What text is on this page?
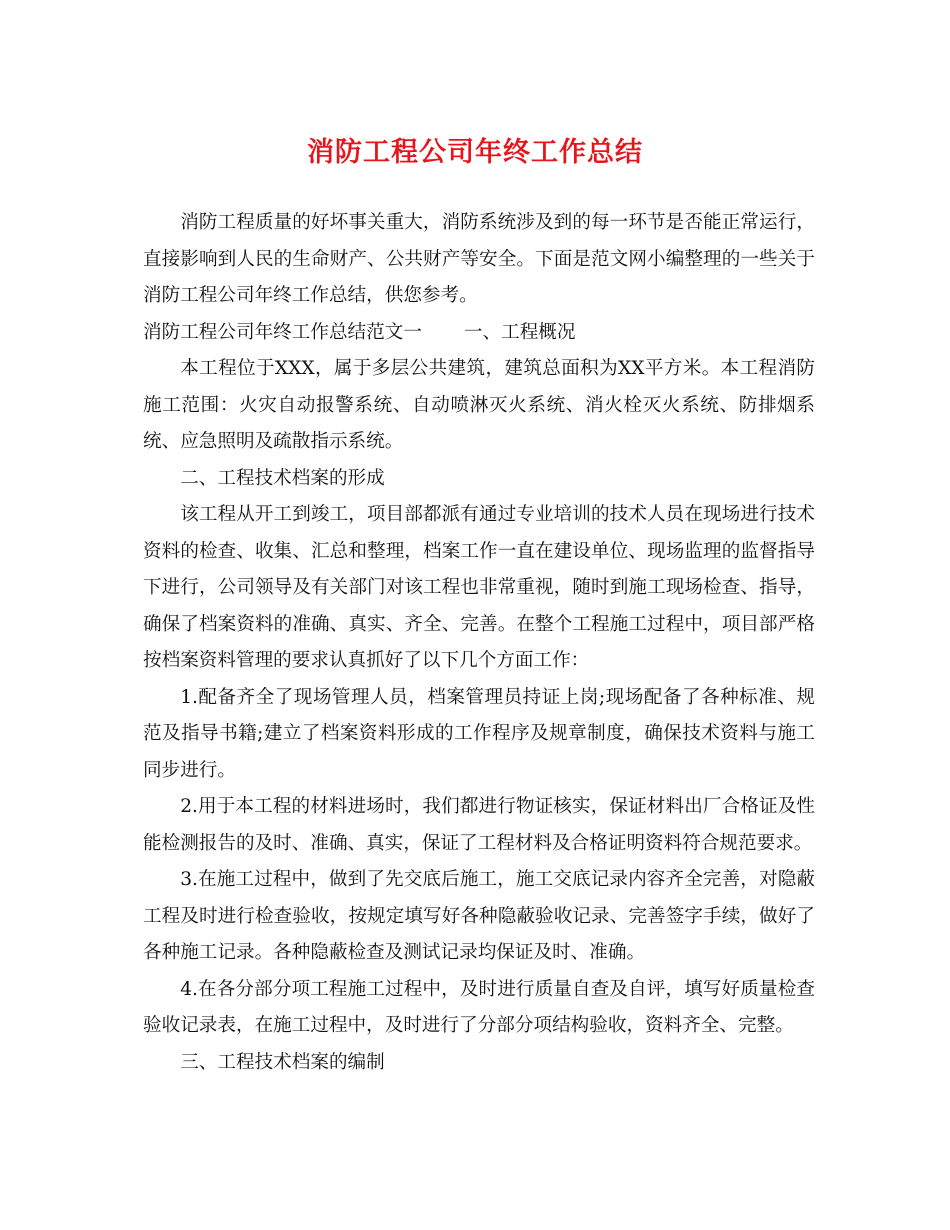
消防工程公司年终工作总结

消防工程质量的好坏事关重大，消防系统涉及到的每一环节是否能正常运行，直接影响到人民的生命财产、公共财产等安全。下面是范文网小编整理的一些关于消防工程公司年终工作总结，供您参考。

消防工程公司年终工作总结范文一 一、工程概况

本工程位于XXX，属于多层公共建筑，建筑总面积为XX平方米。本工程消防施工范围：火灾自动报警系统、自动喷淋灭火系统、消火栓灭火系统、防排烟系统、应急照明及疏散指示系统。

二、工程技术档案的形成

该工程从开工到竣工，项目部都派有通过专业培训的技术人员在现场进行技术资料的检查、收集、汇总和整理，档案工作一直在建设单位、现场监理的监督指导下进行，公司领导及有关部门对该工程也非常重视，随时到施工现场检查、指导，确保了档案资料的准确、真实、齐全、完善。在整个工程施工过程中，项目部严格按档案资料管理的要求认真抓好了以下几个方面工作：

1.配备齐全了现场管理人员，档案管理员持证上岗;现场配备了各种标准、规范及指导书籍;建立了档案资料形成的工作程序及规章制度，确保技术资料与施工同步进行。

2.用于本工程的材料进场时，我们都进行物证核实，保证材料出厂合格证及性能检测报告的及时、准确、真实，保证了工程材料及合格证明资料符合规范要求。

3.在施工过程中，做到了先交底后施工，施工交底记录内容齐全完善，对隐蔽工程及时进行检查验收，按规定填写好各种隐蔽验收记录、完善签字手续，做好了各种施工记录。各种隐蔽检查及测试记录均保证及时、准确。

4.在各分部分项工程施工过程中，及时进行质量自查及自评，填写好质量检查验收记录表，在施工过程中，及时进行了分部分项结构验收，资料齐全、完整。

三、工程技术档案的编制
